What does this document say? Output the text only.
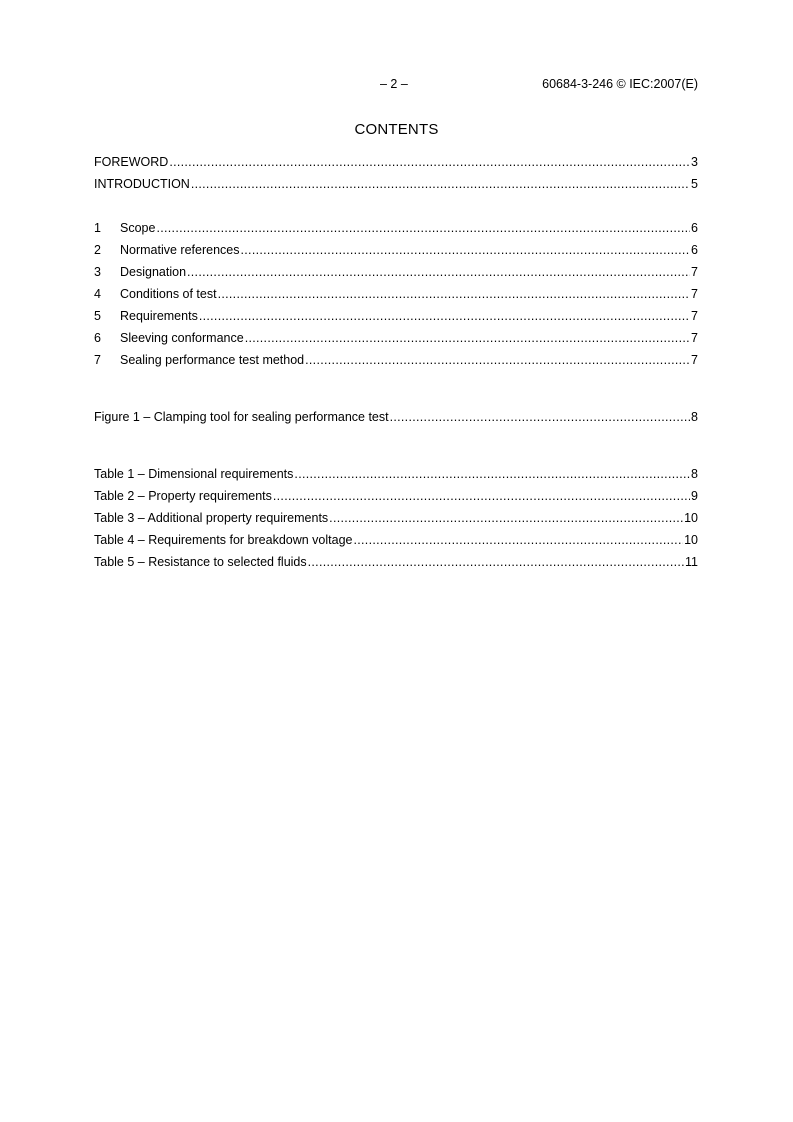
– 2 –	60684-3-246 © IEC:2007(E)
CONTENTS
FOREWORD .....	3
INTRODUCTION .....	5
1	Scope .....	6
2	Normative references .....	6
3	Designation .....	7
4	Conditions of test .....	7
5	Requirements .....	7
6	Sleeving conformance .....	7
7	Sealing performance test method .....	7
Figure 1 – Clamping tool for sealing performance test .....	8
Table 1 – Dimensional requirements .....	8
Table 2 – Property requirements .....	9
Table 3 – Additional property requirements .....	10
Table 4 – Requirements for breakdown voltage .....	10
Table 5 – Resistance to selected fluids .....	11
